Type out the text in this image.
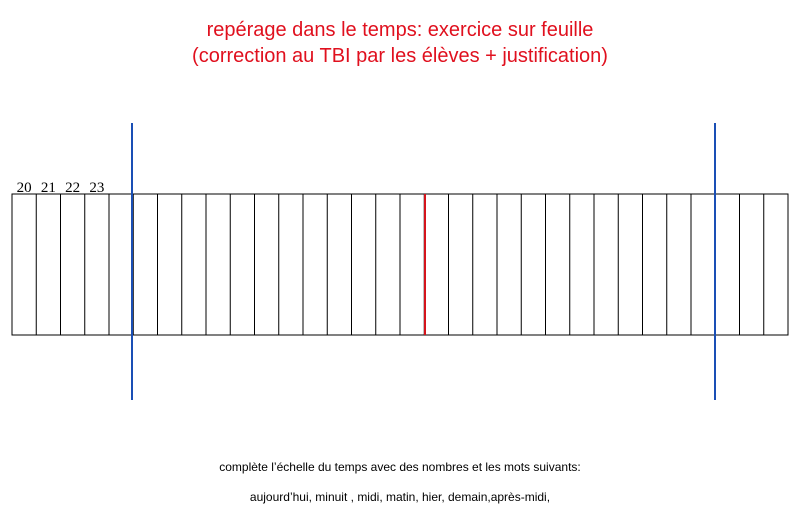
repérage dans le temps: exercice sur feuille
(correction au TBI par les élèves + justification)
20 21 22 23
complète l’échelle du temps avec des nombres et les mots suivants:
aujourd’hui, minuit , midi, matin, hier, demain,après-midi,
